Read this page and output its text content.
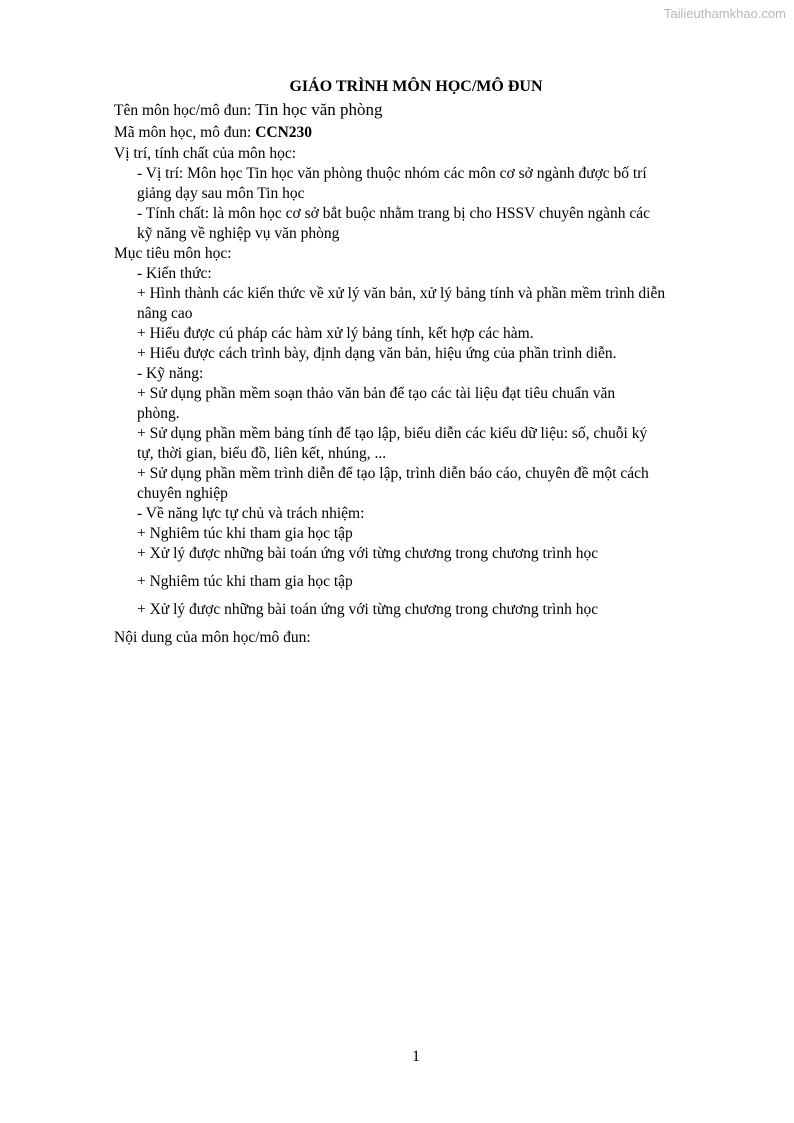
Tailieuthamkhao.com
GIÁO TRÌNH MÔN HỌC/MÔ ĐUN
Tên môn học/mô đun: Tin học văn phòng
Mã môn học, mô đun: CCN230
Vị trí, tính chất của môn học:
- Vị trí: Môn học Tin học văn phòng thuộc nhóm các môn cơ sở ngành được bố trí
giảng dạy sau môn Tin học
- Tính chất: là môn học cơ sở bắt buộc nhằm trang bị cho HSSV chuyên ngành các
kỹ năng về nghiệp vụ văn phòng
Mục tiêu môn học:
- Kiến thức:
+ Hình thành các kiến thức về xử lý văn bản, xử lý bảng tính và phần mềm trình diễn
nâng cao
+ Hiểu được cú pháp các hàm xử lý bảng tính, kết hợp các hàm.
+ Hiểu được cách trình bày, định dạng văn bản, hiệu ứng của phần trình diễn.
- Kỹ năng:
+ Sử dụng phần mềm soạn thảo văn bản để tạo các tài liệu đạt tiêu chuẩn văn
phòng.
+ Sử dụng phần mềm bảng tính để tạo lập, biểu diễn các kiểu dữ liệu: số, chuỗi ký
tự, thời gian, biểu đồ, liên kết, nhúng, ...
+ Sử dụng phần mềm trình diễn để tạo lập, trình diễn báo cáo, chuyên đề một cách
chuyên nghiệp
- Về năng lực tự chủ và trách nhiệm:
+ Nghiêm túc khi tham gia học tập
+ Xử lý được những bài toán ứng với từng chương trong chương trình học
+ Nghiêm túc khi tham gia học tập
+ Xử lý được những bài toán ứng với từng chương trong chương trình học
Nội dung của môn học/mô đun:
1
